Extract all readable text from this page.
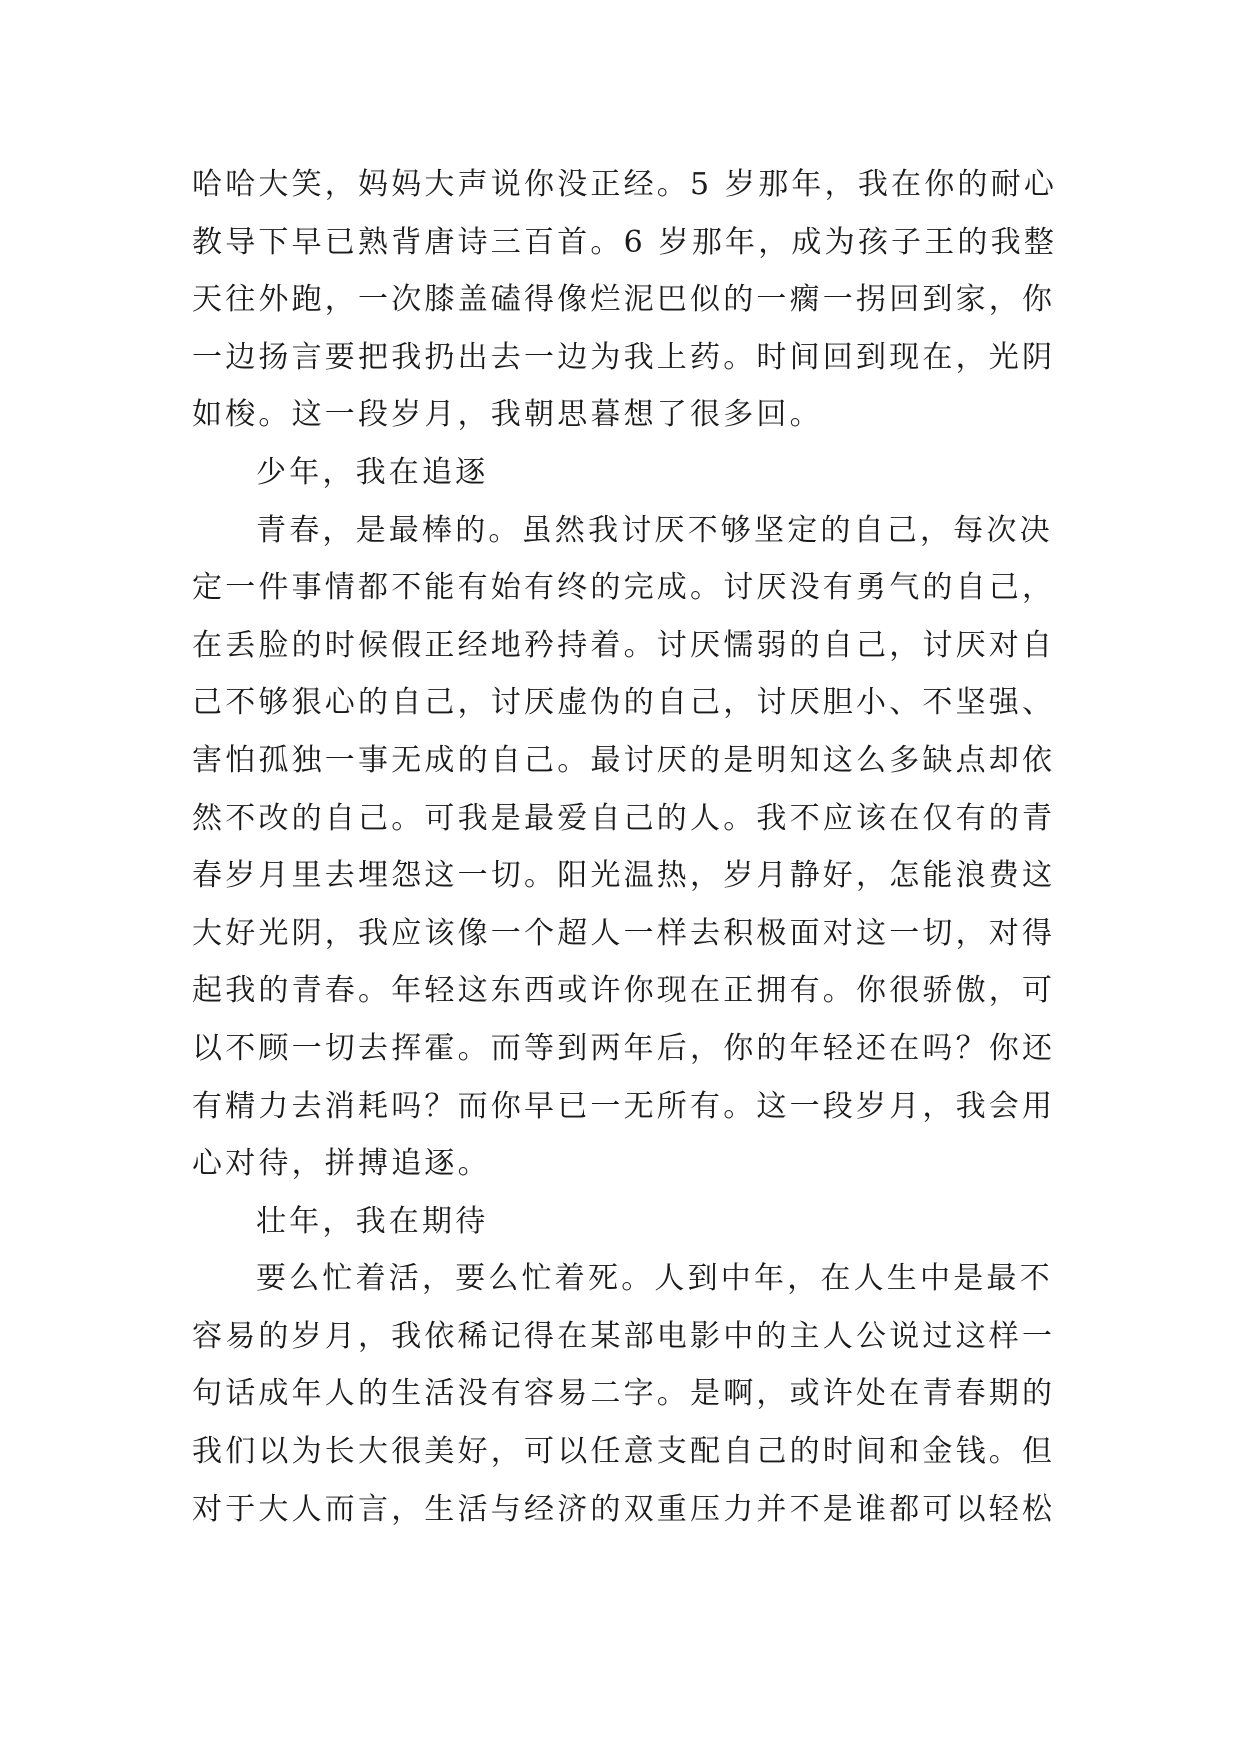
哈哈大笑，妈妈大声说你没正经。5 岁那年，我在你的耐心
教导下早已熟背唐诗三百首。6 岁那年，成为孩子王的我整
天往外跑，一次膝盖磕得像烂泥巴似的一瘸一拐回到家，你
一边扬言要把我扔出去一边为我上药。时间回到现在，光阴
如梭。这一段岁月，我朝思暮想了很多回。
少年，我在追逐
青春，是最棒的。虽然我讨厌不够坚定的自己，每次决
定一件事情都不能有始有终的完成。讨厌没有勇气的自己，
在丢脸的时候假正经地矜持着。讨厌懦弱的自己，讨厌对自
己不够狠心的自己，讨厌虚伪的自己，讨厌胆小、不坚强、
害怕孤独一事无成的自己。最讨厌的是明知这么多缺点却依
然不改的自己。可我是最爱自己的人。我不应该在仅有的青
春岁月里去埋怨这一切。阳光温热，岁月静好，怎能浪费这
大好光阴，我应该像一个超人一样去积极面对这一切，对得
起我的青春。年轻这东西或许你现在正拥有。你很骄傲，可
以不顾一切去挥霍。而等到两年后，你的年轻还在吗？你还
有精力去消耗吗？而你早已一无所有。这一段岁月，我会用
心对待，拼搏追逐。
壮年，我在期待
要么忙着活，要么忙着死。人到中年，在人生中是最不
容易的岁月，我依稀记得在某部电影中的主人公说过这样一
句话成年人的生活没有容易二字。是啊，或许处在青春期的
我们以为长大很美好，可以任意支配自己的时间和金钱。但
对于大人而言，生活与经济的双重压力并不是谁都可以轻松
